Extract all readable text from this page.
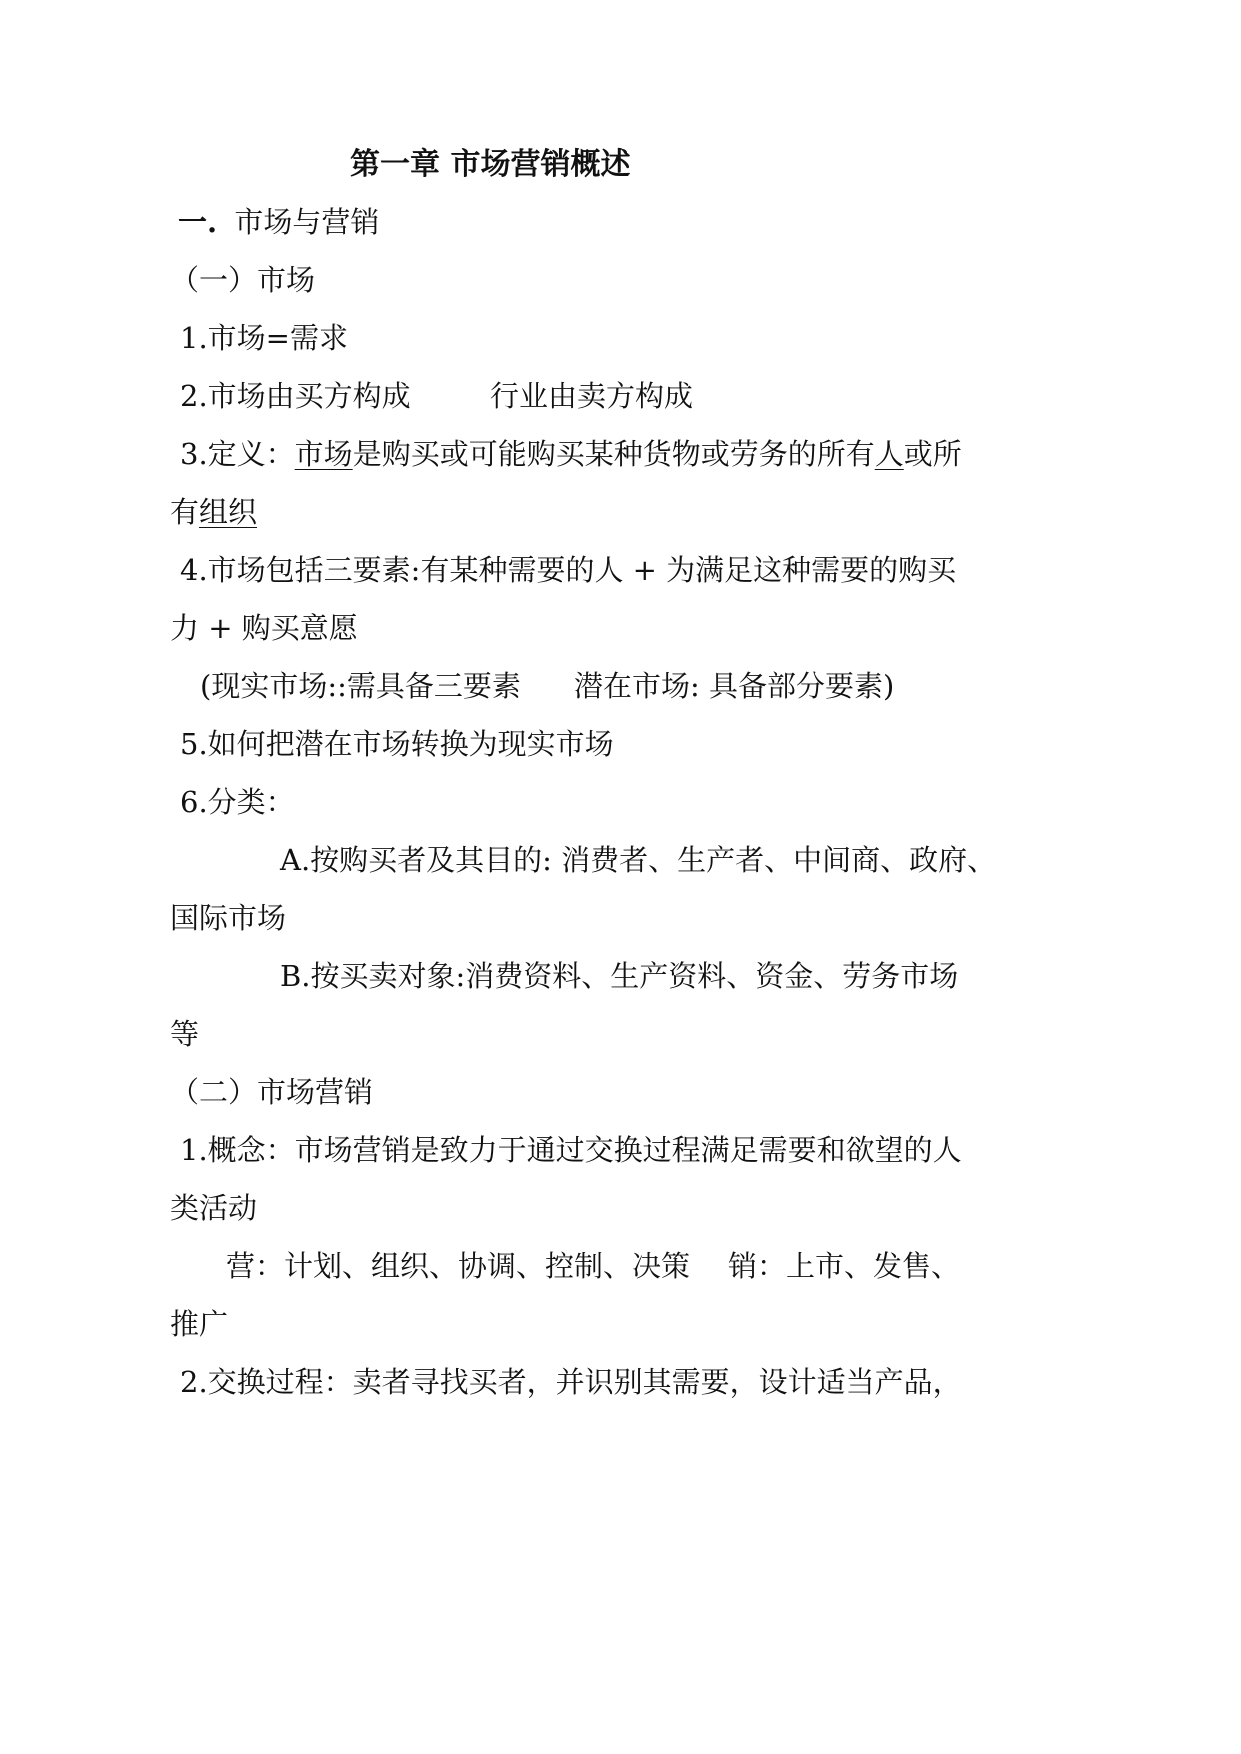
第一章 市场营销概述
一. 市场与营销
（一）市场
1.市场=需求
2.市场由买方构成	行业由卖方构成
3.定义：市场是购买或可能购买某种货物或劳务的所有人或所
有组织
4.市场包括三要素:有某种需要的人 + 为满足这种需要的购买
力 + 购买意愿
(现实市场::需具备三要素 潜在市场: 具备部分要素)
5.如何把潜在市场转换为现实市场
6.分类：
A.按购买者及其目的: 消费者、生产者、中间商、政府、
国际市场
B.按买卖对象:消费资料、生产资料、资金、劳务市场
等
（二）市场营销
1.概念：市场营销是致力于通过交换过程满足需要和欲望的人
类活动
营：计划、组织、协调、控制、决策 销：上市、发售、
推广
2.交换过程：卖者寻找买者，并识别其需要，设计适当产品，
